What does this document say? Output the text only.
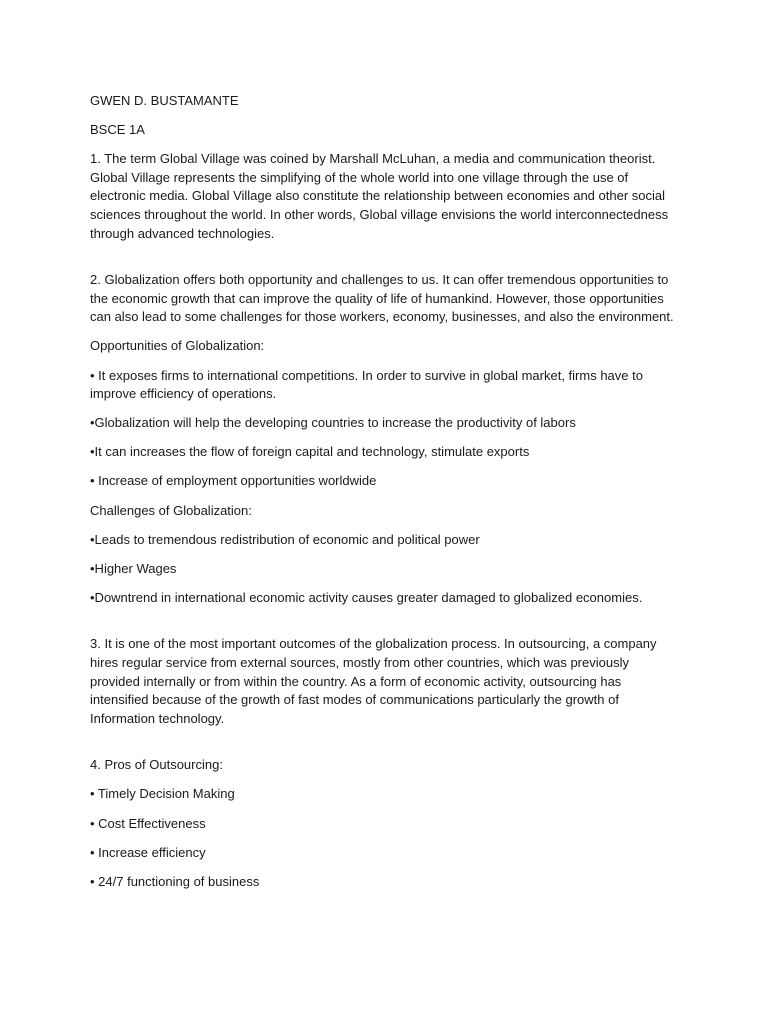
GWEN D. BUSTAMANTE

BSCE 1A

1. The term Global Village was coined by Marshall McLuhan, a media and communication theorist. Global Village represents the simplifying of the whole world into one village through the use of electronic media. Global Village also constitute the relationship between economies and other social sciences throughout the world. In other words, Global village envisions the world interconnectedness through advanced technologies.

2. Globalization offers both opportunity and challenges to us. It can offer tremendous opportunities to the economic growth that can improve the quality of life of humankind. However, those opportunities can also lead to some challenges for those workers, economy, businesses, and also the environment.

Opportunities of Globalization:

• It exposes firms to international competitions. In order to survive in global market, firms have to improve efficiency of operations.

•Globalization will help the developing countries to increase the productivity of labors

•It can increases the flow of foreign capital and technology, stimulate exports

• Increase of employment opportunities worldwide

Challenges of Globalization:

•Leads to tremendous redistribution of economic and political power

•Higher Wages

•Downtrend in international economic activity causes greater damaged to globalized economies.

3. It is one of the most important outcomes of the globalization process. In outsourcing, a company hires regular service from external sources, mostly from other countries, which was previously provided internally or from within the country. As a form of economic activity, outsourcing has intensified because of the growth of fast modes of communications particularly the growth of Information technology.

4. Pros of Outsourcing:

• Timely Decision Making

• Cost Effectiveness

• Increase efficiency

• 24/7 functioning of business
